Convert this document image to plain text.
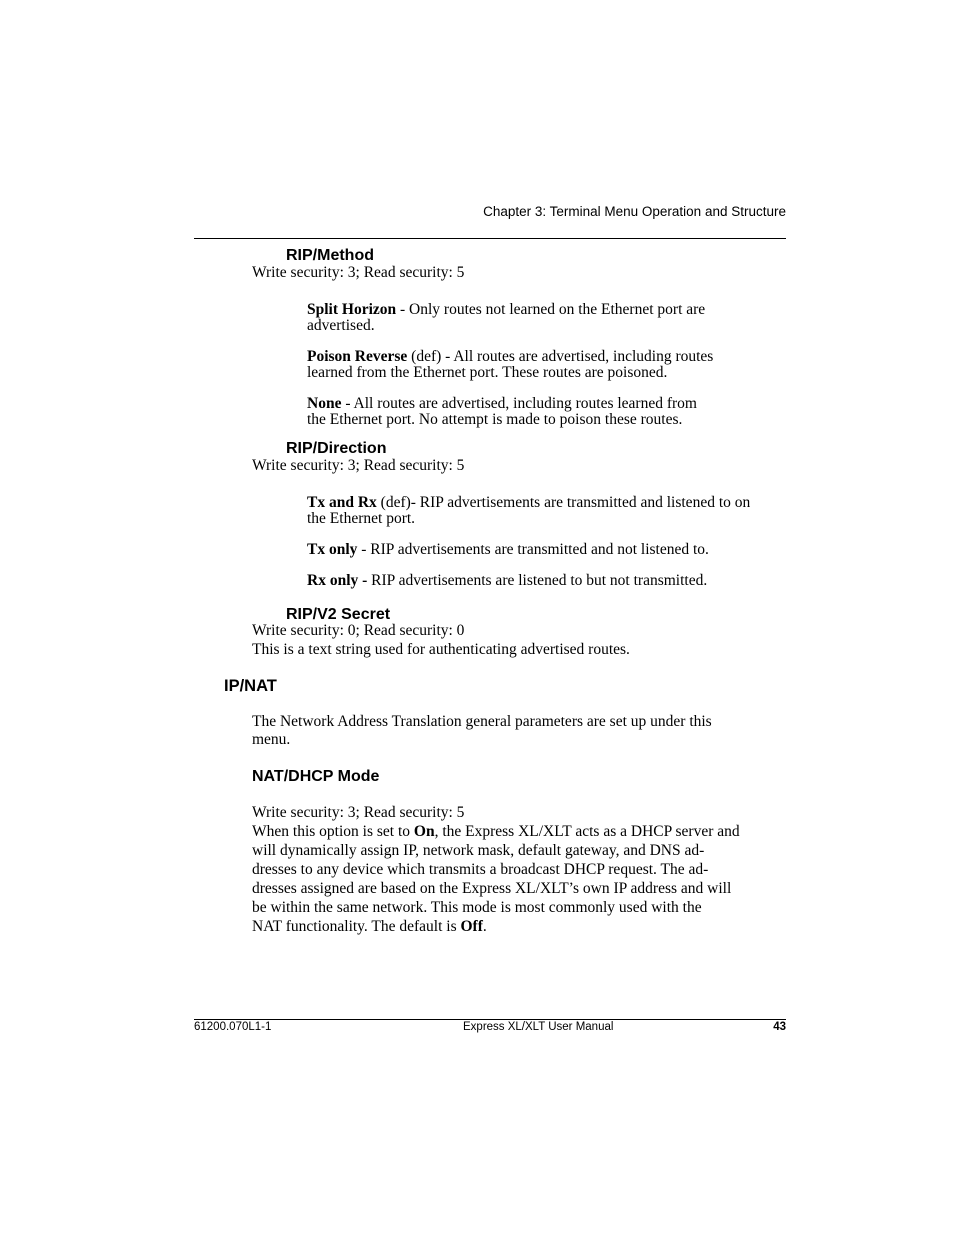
Chapter 3: Terminal Menu Operation and Structure
RIP/Method
Write security: 3; Read security: 5
Split Horizon - Only routes not learned on the Ethernet port are
advertised.
Poison Reverse (def) - All routes are advertised, including routes
learned from the Ethernet port. These routes are poisoned.
None - All routes are advertised, including routes learned from
the Ethernet port. No attempt is made to poison these routes.
RIP/Direction
Write security: 3; Read security: 5
Tx and Rx (def)- RIP advertisements are transmitted and listened to on
the Ethernet port.
Tx only - RIP advertisements are transmitted and not listened to.
Rx only - RIP advertisements are listened to but not transmitted.
RIP/V2 Secret
Write security: 0; Read security: 0
This is a text string used for authenticating advertised routes.
IP/NAT
The Network Address Translation general parameters are set up under this
menu.
NAT/DHCP Mode
Write security: 3; Read security: 5
When this option is set to On, the Express XL/XLT acts as a DHCP server and
will dynamically assign IP, network mask, default gateway, and DNS ad-
dresses to any device which transmits a broadcast DHCP request. The ad-
dresses assigned are based on the Express XL/XLT’s own IP address and will
be within the same network. This mode is most commonly used with the
NAT functionality. The default is Off.
61200.070L1-1	Express XL/XLT User Manual	43
